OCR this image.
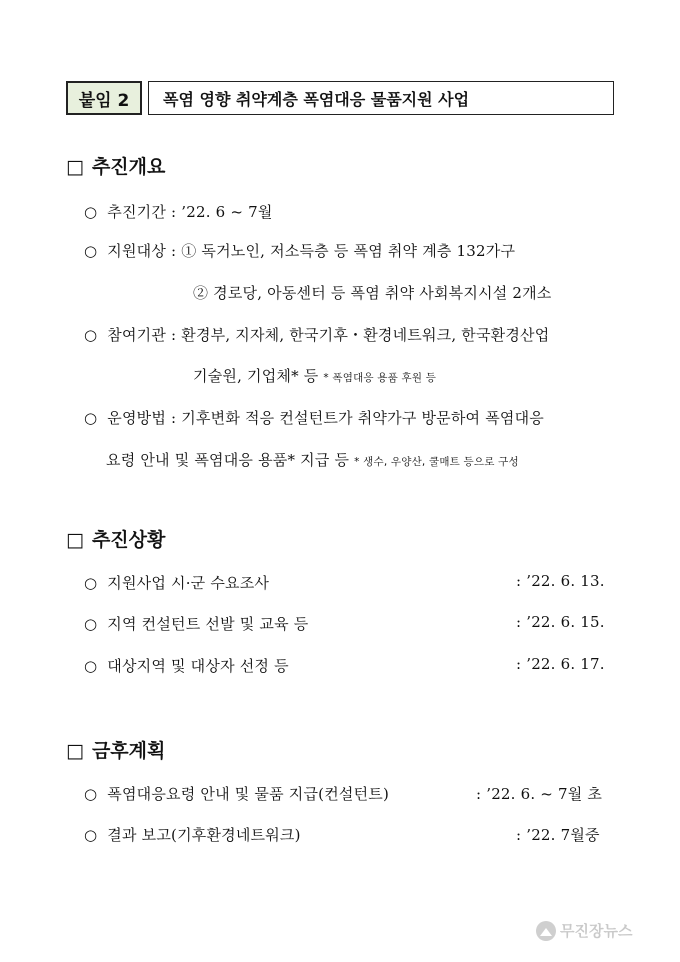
붙임 2	폭염 영향 취약계층 폭염대응 물품지원 사업
□ 추진개요
○ 추진기간 : ’22. 6 ~ 7월
○ 지원대상 : ① 독거노인, 저소득층 등 폭염 취약 계층 132가구
② 경로당, 아동센터 등 폭염 취약 사회복지시설 2개소
○ 참여기관 : 환경부, 지자체, 한국기후・환경네트워크, 한국환경산업
기술원, 기업체* 등 * 폭염대응 용품 후원 등
○ 운영방법 : 기후변화 적응 컨설턴트가 취약가구 방문하여 폭염대응
요령 안내 및 폭염대응 용품* 지급 등 * 생수, 우양산, 쿨매트 등으로 구성
□ 추진상황
○ 지원사업 시·군 수요조사	: ’22. 6. 13.
○ 지역 컨설턴트 선발 및 교육 등	: ’22. 6. 15.
○ 대상지역 및 대상자 선정 등	: ’22. 6. 17.
□ 금후계획
○ 폭염대응요령 안내 및 물품 지급(컨설턴트)	: ’22. 6. ~ 7월 초
○ 결과 보고(기후환경네트워크)	: ’22. 7월중
무진장뉴스
